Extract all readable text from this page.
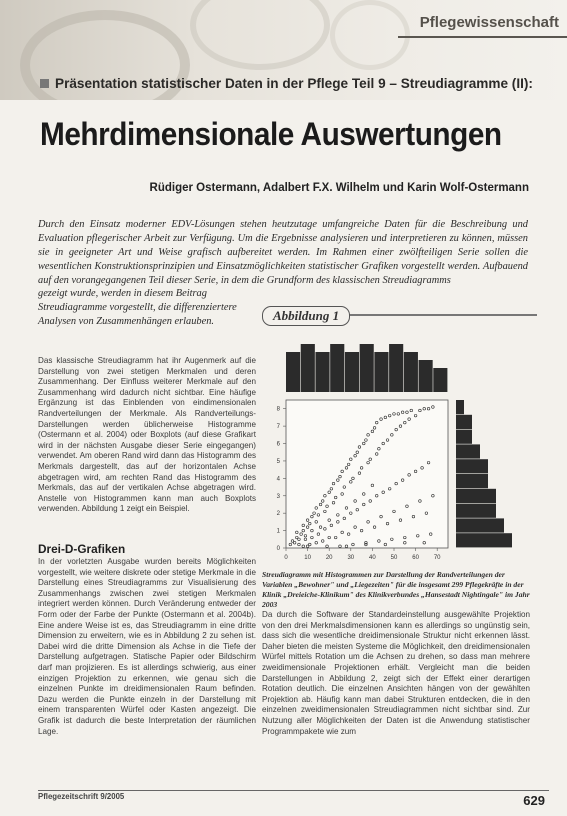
Pflegewissenschaft
Präsentation statistischer Daten in der Pflege Teil 9 – Streudiagramme (II):
Mehrdimensionale Auswertungen
Rüdiger Ostermann, Adalbert F.X. Wilhelm und Karin Wolf-Ostermann
Durch den Einsatz moderner EDV-Lösungen stehen heutzutage umfangreiche Daten für die Beschreibung und Evaluation pflegerischer Arbeit zur Verfügung. Um die Ergebnisse analysieren und interpretieren zu können, müssen sie in geeigneter Art und Weise grafisch aufbereitet werden. Im Rahmen einer zwölfteiligen Serie sollen die wesentlichen Konstruktionsprinzipien und Einsatzmöglichkeiten statistischer Grafiken vorgestellt werden. Aufbauend auf den vorangegangenen Teil dieser Serie, in dem die Grundform des klassischen Streudiagramms
gezeigt wurde, werden in diesem Beitrag Streudiagramme vorgestellt, die differenziertere Analysen von Zusammenhängen erlauben.
Das klassische Streudiagramm hat ihr Augenmerk auf die Darstellung von zwei stetigen Merkmalen und deren Zusammenhang. Der Einfluss weiterer Merkmale auf den Zusammenhang wird dadurch nicht sichtbar. Eine häufige Ergänzung ist das Einblenden von eindimensionalen Randverteilungen der Merkmale. Als Randverteilungs-Darstellungen werden üblicherweise Histogramme (Ostermann et al. 2004) oder Boxplots (auf diese Grafikart wird in der nächsten Ausgabe dieser Serie eingegangen) verwendet. Am oberen Rand wird dann das Histogramm des Merkmals dargestellt, das auf der horizontalen Achse abgetragen wird, am rechten Rand das Histogramm des Merkmals, das auf der vertikalen Achse abgetragen wird. Anstelle von Histogrammen kann man auch Boxplots verwenden. Abbildung 1 zeigt ein Beispiel.
Drei-D-Grafiken
In der vorletzten Ausgabe wurden bereits Möglichkeiten vorgestellt, wie weitere diskrete oder stetige Merkmale in die Darstellung eines Streudiagramms zur Visualisierung des Zusammenhangs zwischen zwei stetigen Merkmalen integriert werden können. Durch Veränderung entweder der Form oder der Farbe der Punkte (Ostermann et al. 2004b). Eine andere Weise ist es, das Streudiagramm in eine dritte Dimension zu erweitern, wie es in Abbildung 2 zu sehen ist. Dabei wird die dritte Dimension als Achse in die Tiefe der Darstellung aufgetragen. Statische Papier oder Bildschirm darf man projizieren. Es ist allerdings schwierig, aus einer einzigen Projektion zu erkennen, wie genau sich die einzelnen Punkte im dreidimensionalen Raum befinden. Dazu werden die Punkte einzeln in der Darstellung mit einem transparenten Würfel oder Kasten angezeigt. Die Grafik ist dadurch die beste Interpretation der räumlichen Lage.
Abbildung 1
0	10 20 30 40 50 60 70
0
1
2
3
4
5
6
7
8
Streudiagramm mit Histogrammen zur Darstellung der Randverteilungen der Variablen „Bewohner" und „Liegezeiten" für die insgesamt 299 Pflegekräfte in der Klinik „Dreieiche-Klinikum" des Klinikverbundes „Hansestadt Nightingale" im Jahr 2003
Da durch die Software der Standardeinstellung ausgewählte Projektion von den drei Merkmalsdimensionen kann es allerdings so ungünstig sein, dass sich die wesentliche dreidimensionale Struktur nicht erkennen lässt. Daher bieten die meisten Systeme die Möglichkeit, den dreidimensionalen Würfel mittels Rotation um die Achsen zu drehen, so dass man mehrere zweidimensionale Projektionen erhält. Vergleicht man die beiden Darstellungen in Abbildung 2, zeigt sich der Effekt einer derartigen Rotation deutlich. Die einzelnen Ansichten hängen von der gewählten Projektion ab. Häufig kann man dabei Strukturen entdecken, die in den einzelnen zweidimensionalen Streudiagrammen nicht sichtbar sind. Zur Nutzung aller Möglichkeiten der Daten ist die Anwendung statistischer Programmpakete wie zum
Pflegezeitschrift 9/2005	629
